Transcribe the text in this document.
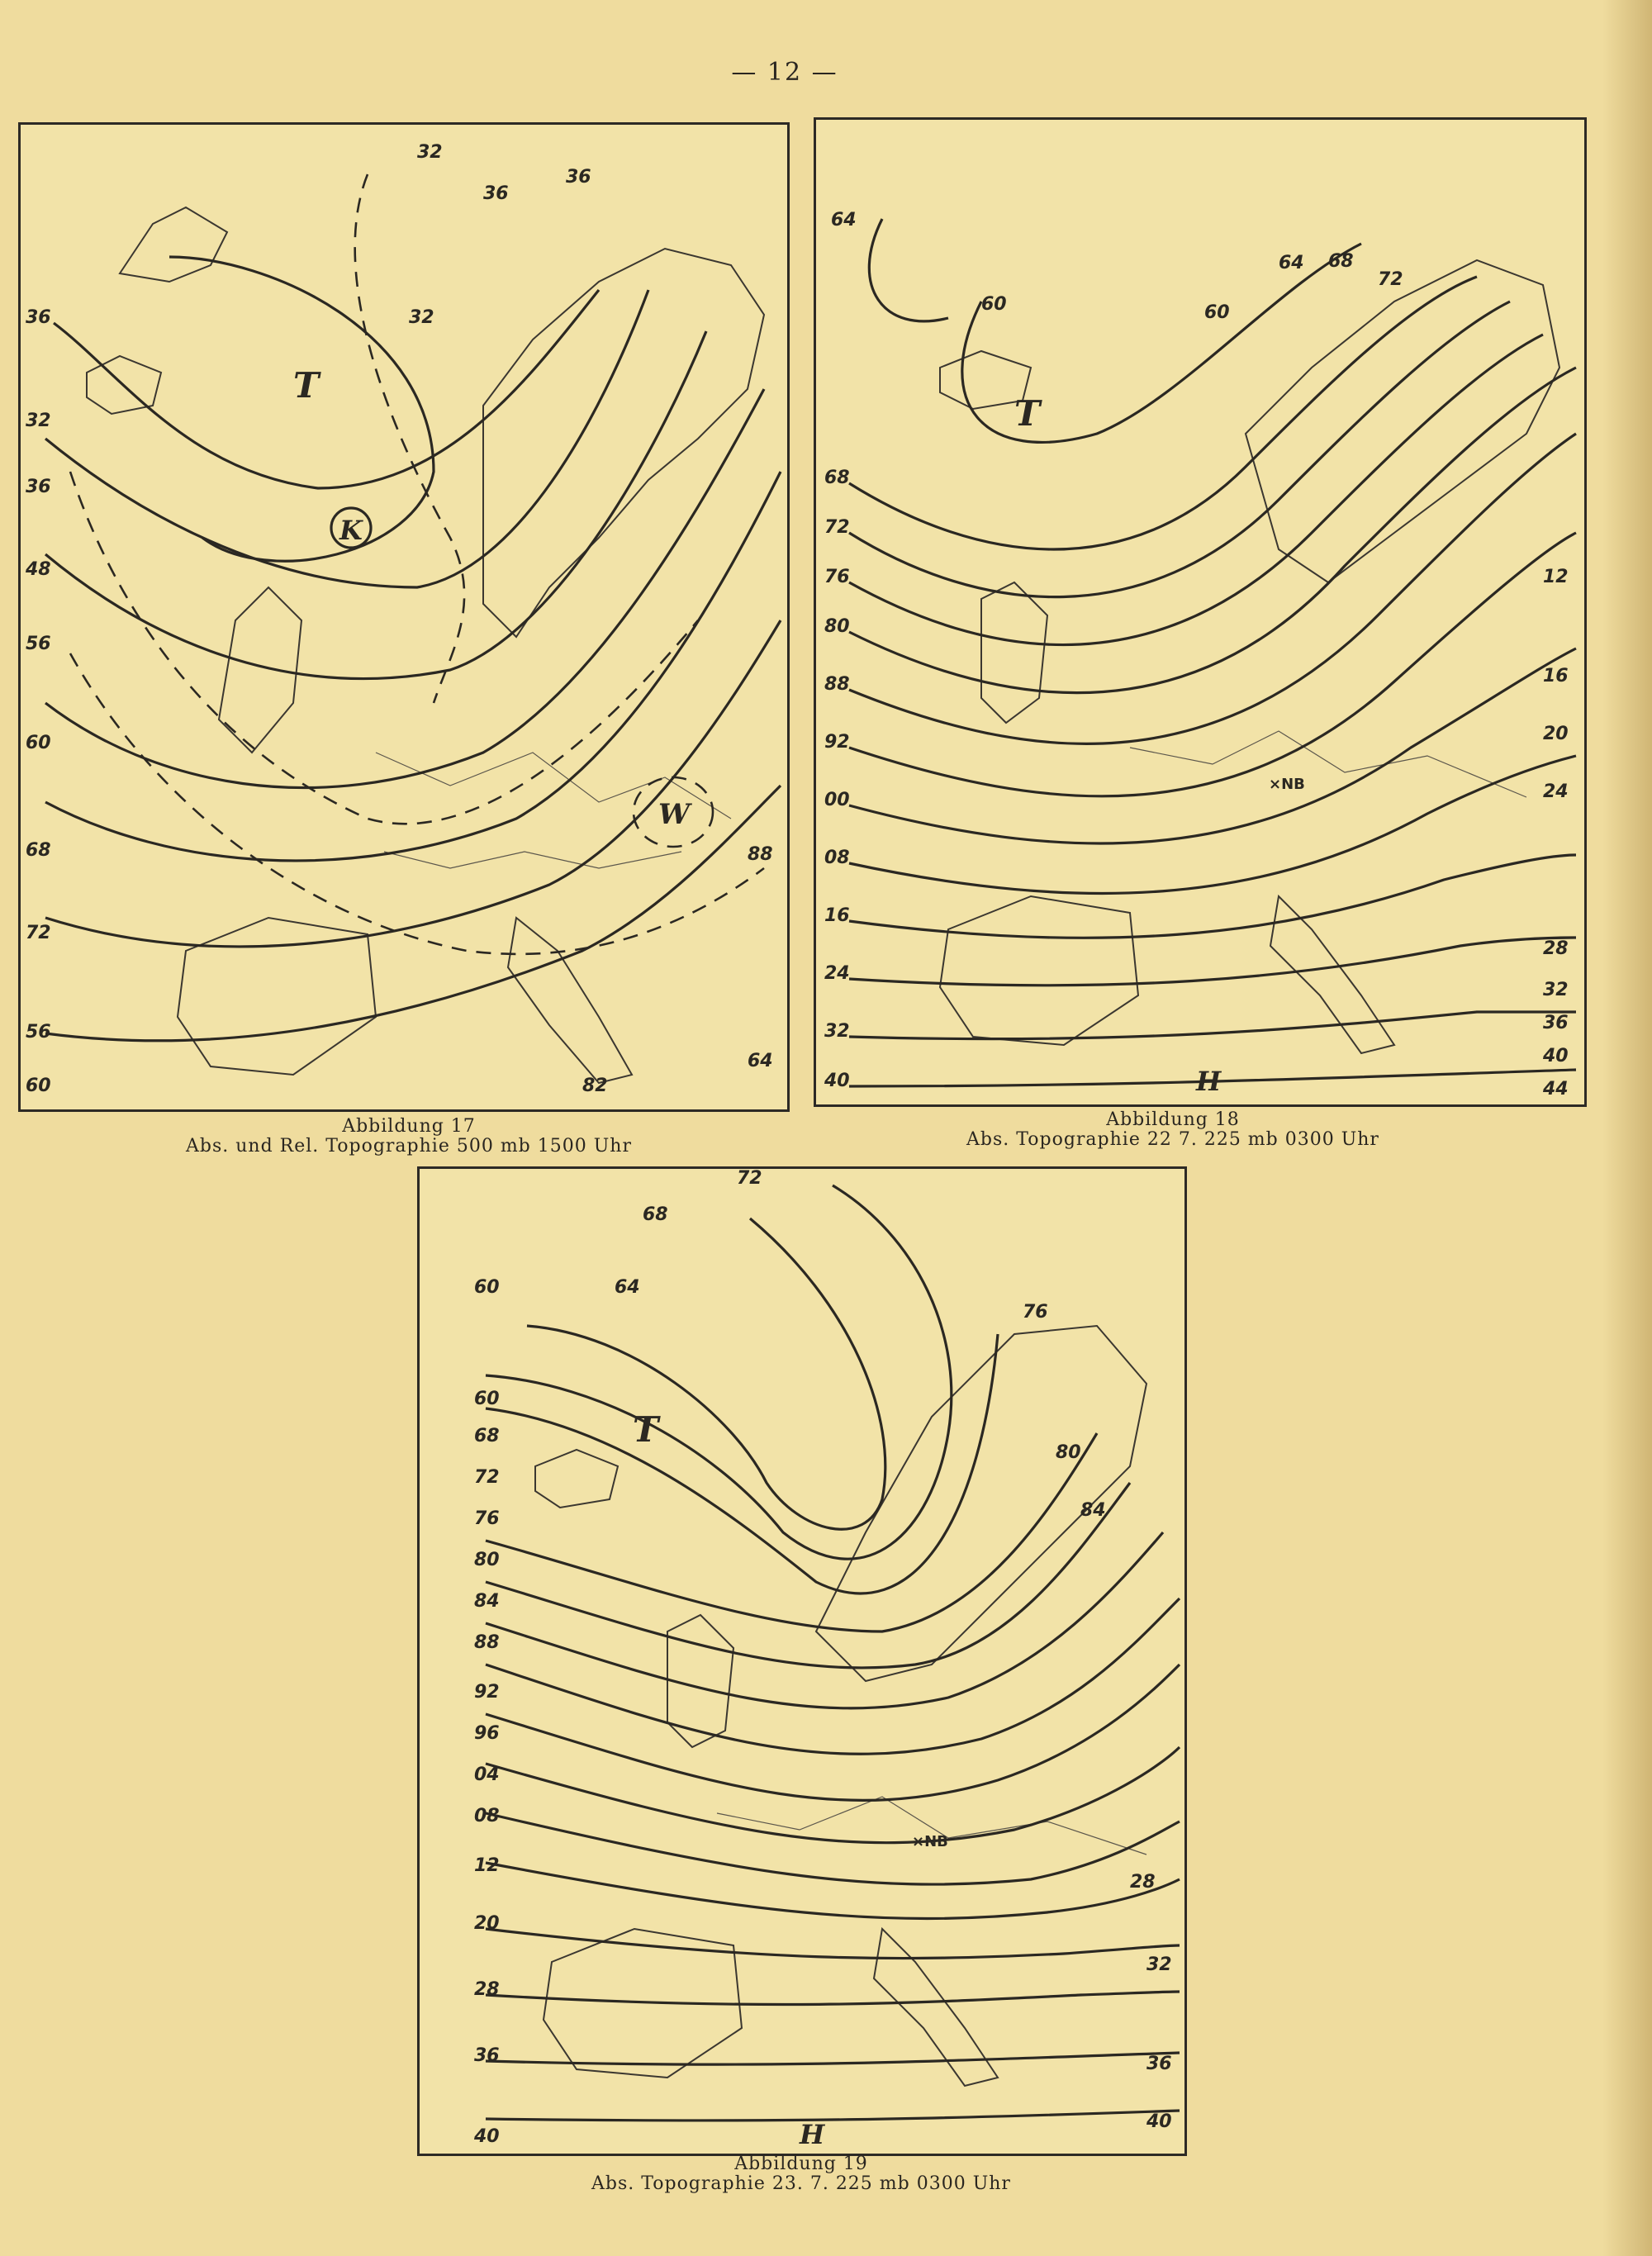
— 12 —
T
K
W
36
32
36
48
56
60
68
72
56
60
32
36
36
32
88
64
82
Abbildung 17
Abs. und Rel. Topographie 500 mb 1500 Uhr
T
H
×NB
64
68
72
76
80
88
92
00
08
16
24
32
40
12
16
20
24
28
32
36
40
44
60	60
64 68
72
Abbildung 18
Abs. Topographie 22 7. 225 mb 0300 Uhr
T
H
×NB
60
60
68
72
76
80
84
88
92
96
04
08
12
20
28
36
40
28
32
36
40
72
68
64
76
80
84
Abbildung 19
Abs. Topographie 23. 7. 225 mb 0300 Uhr
